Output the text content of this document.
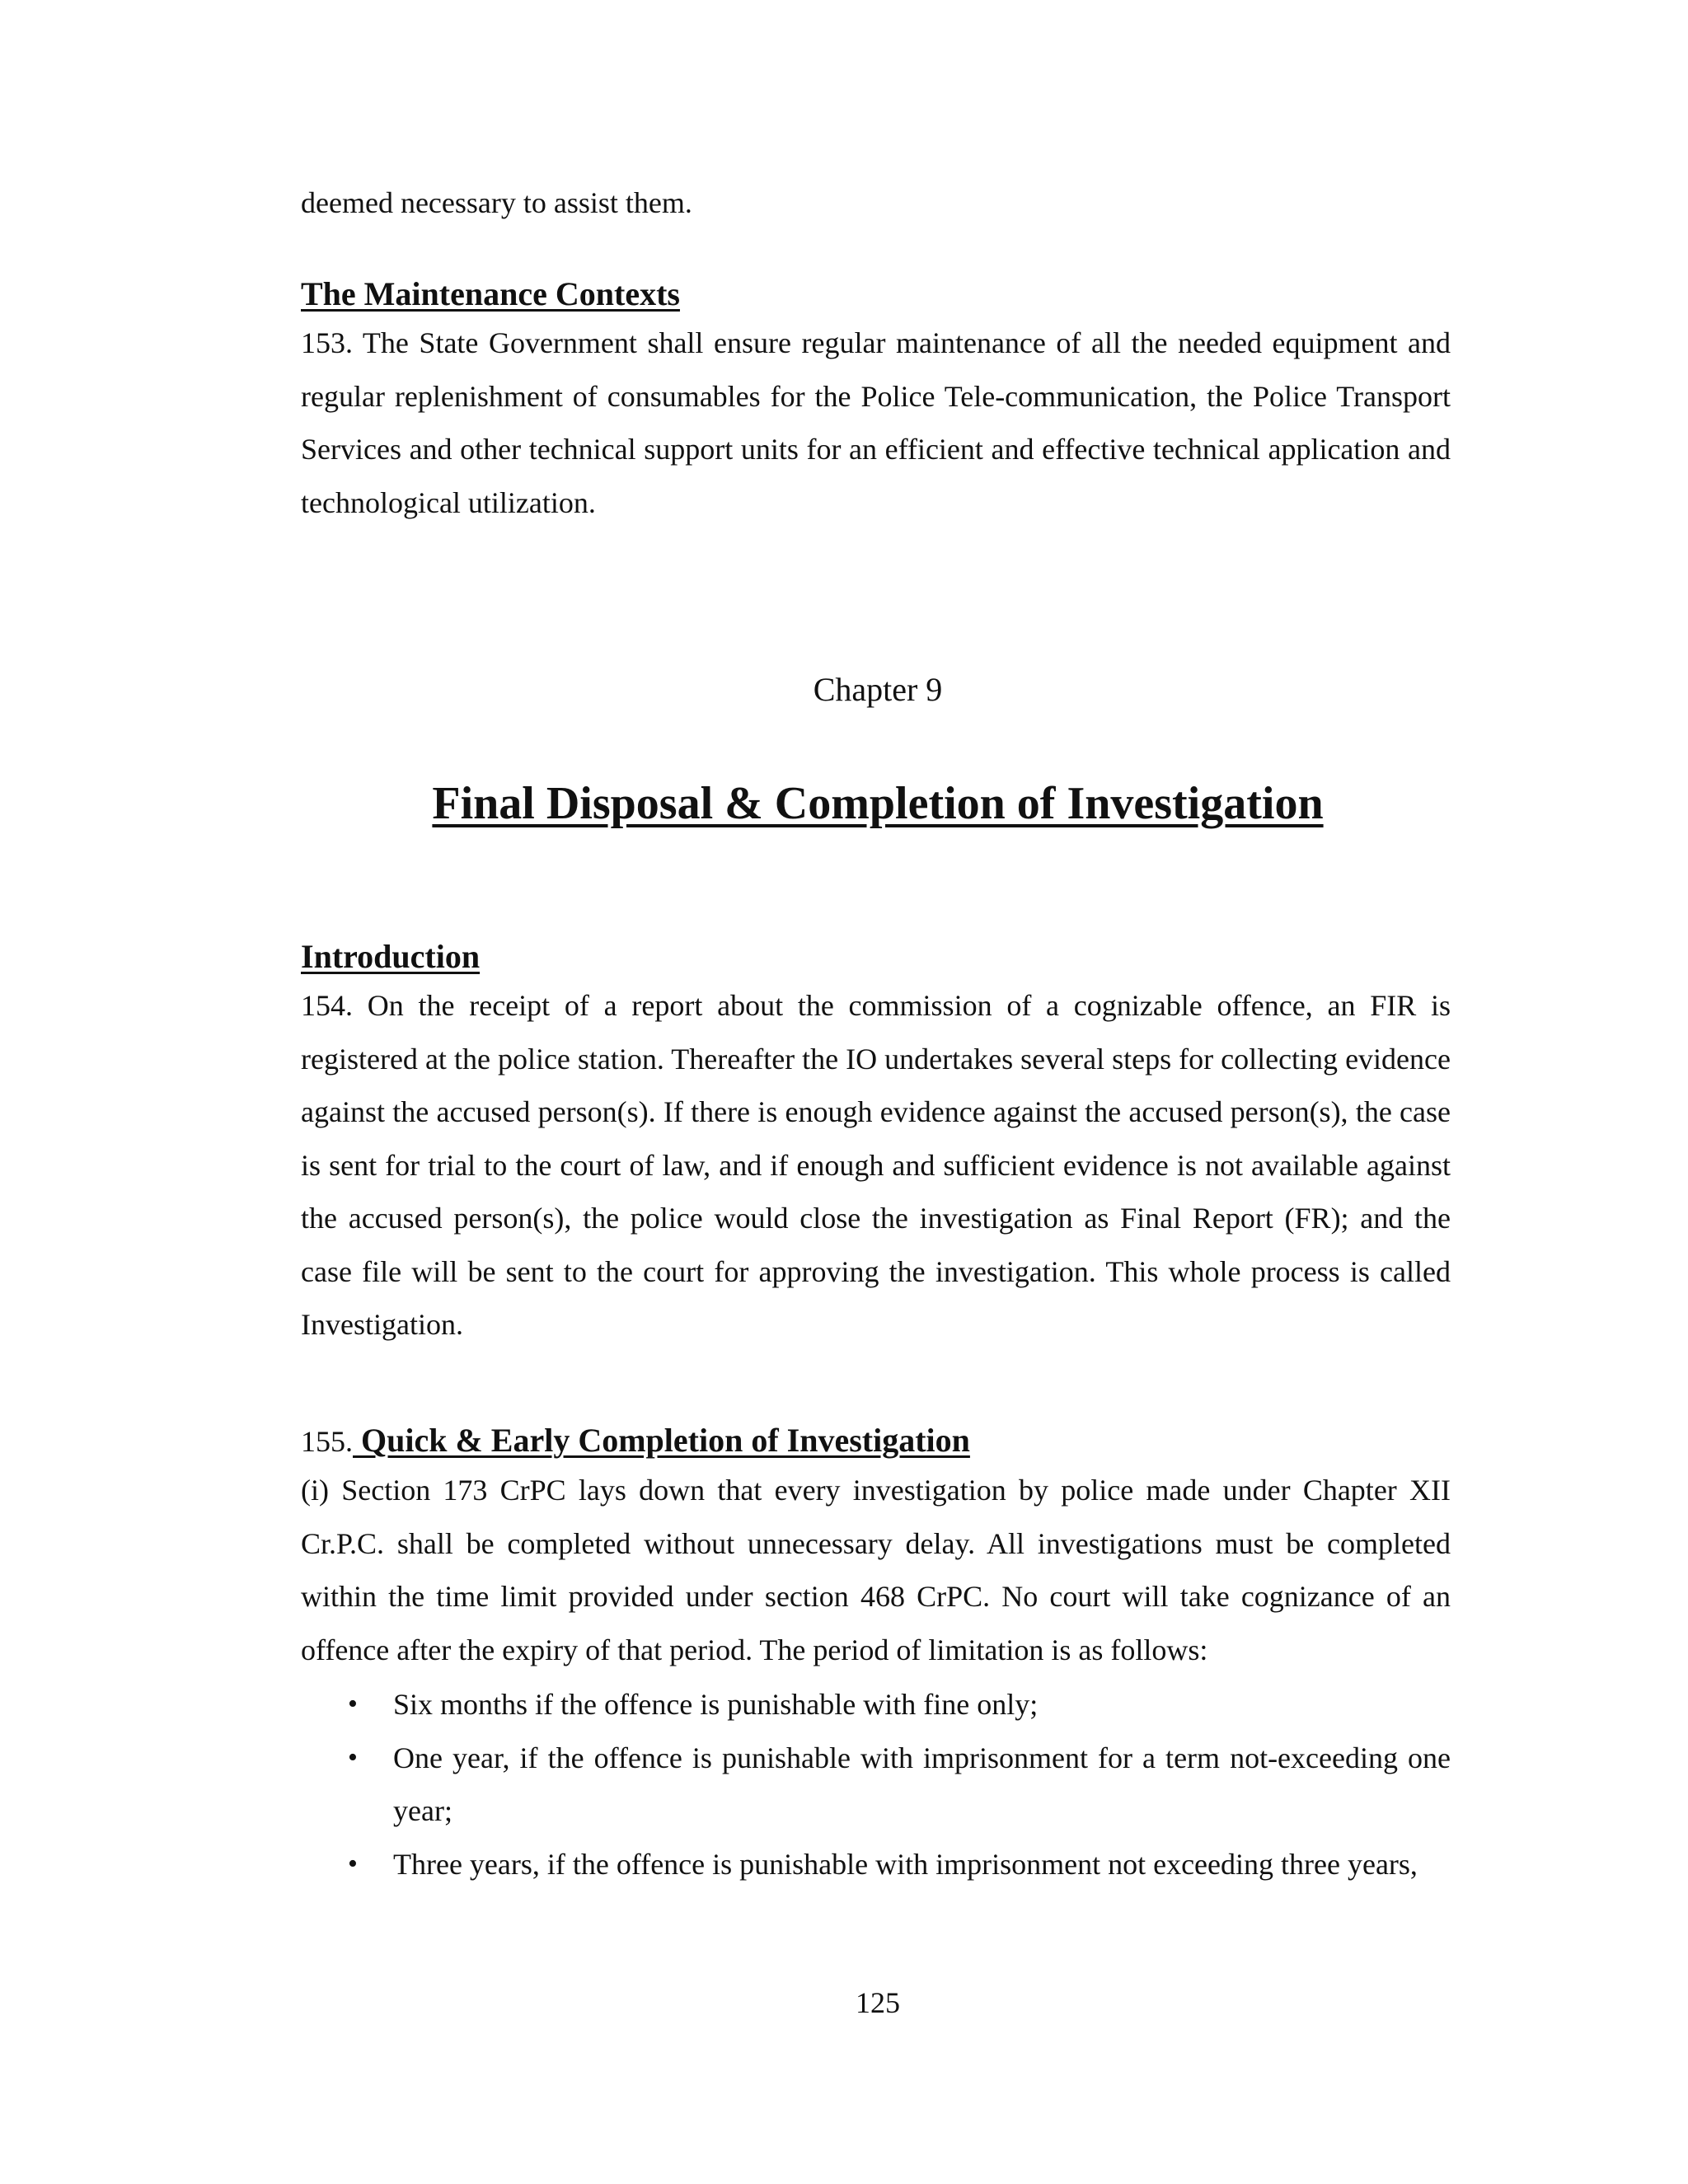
deemed necessary to assist them.

The Maintenance Contexts

153. The State Government shall ensure regular maintenance of all the needed equipment and regular replenishment of consumables for the Police Tele-communication, the Police Transport Services and other technical support units for an efficient and effective technical application and technological utilization.

Chapter 9
Final Disposal & Completion of Investigation

Introduction

154. On the receipt of a report about the commission of a cognizable offence, an FIR is registered at the police station. Thereafter the IO undertakes several steps for collecting evidence against the accused person(s). If there is enough evidence against the accused person(s), the case is sent for trial to the court of law, and if enough and sufficient evidence is not available against the accused person(s), the police would close the investigation as Final Report (FR); and the case file will be sent to the court for approving the investigation. This whole process is called Investigation.

155. Quick & Early Completion of Investigation

(i) Section 173 CrPC lays down that every investigation by police made under Chapter XII Cr.P.C. shall be completed without unnecessary delay. All investigations must be completed within the time limit provided under section 468 CrPC. No court will take cognizance of an offence after the expiry of that period. The period of limitation is as follows:

• Six months if the offence is punishable with fine only;
• One year, if the offence is punishable with imprisonment for a term not-exceeding one year;
• Three years, if the offence is punishable with imprisonment not exceeding three years,
125
